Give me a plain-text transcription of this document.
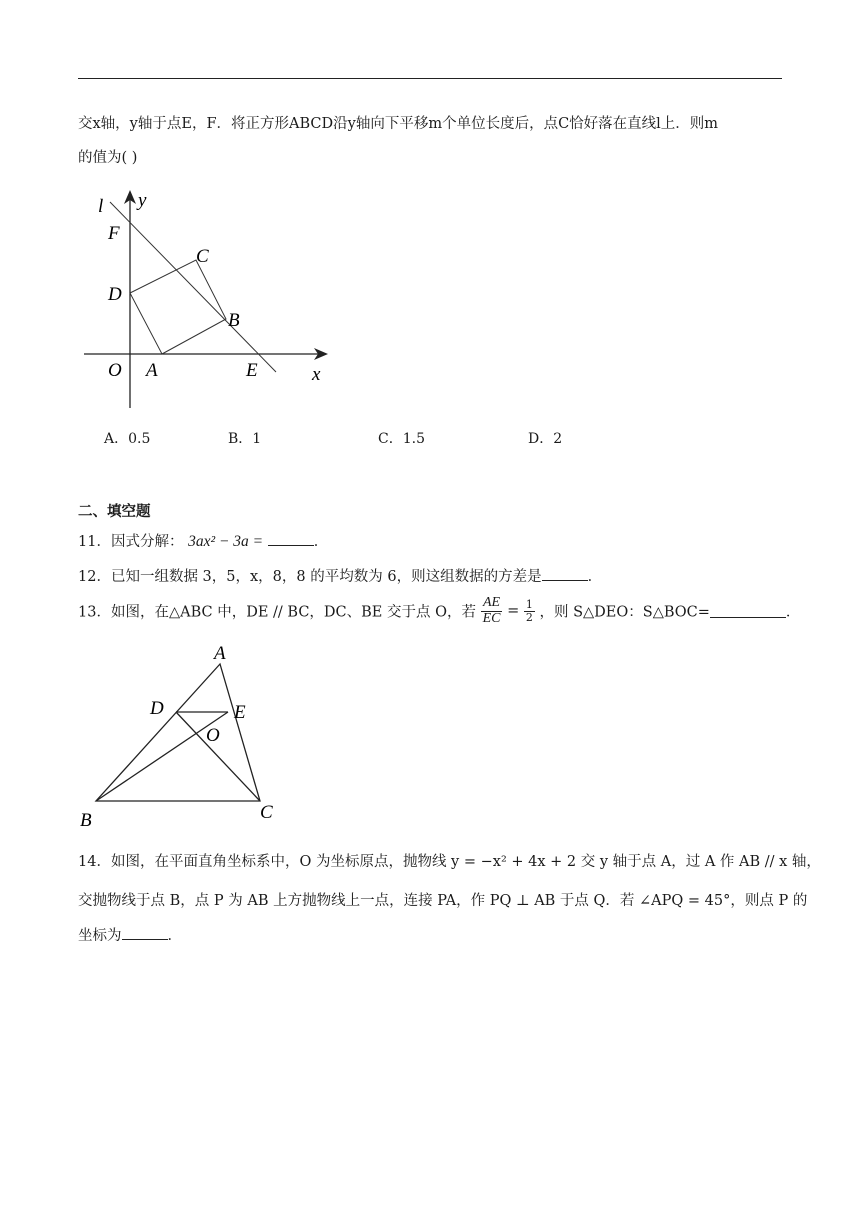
交x轴，y轴于点E，F．将正方形ABCD沿y轴向下平移m个单位长度后，点C恰好落在直线l上．则m
的值为( )
l y
F
C
D
B
O A	E	x
A．0.5	B．1	C．1.5	D．2
二、填空题
11．因式分解： 3ax² − 3a =	．
12．已知一组数据 3，5，x，8，8 的平均数为 6，则这组数据的方差是	．
13．如图，在△ABC 中，DE // BC，DC、BE 交于点 O，若 $\frac{AE}{EC} = \frac{1}{2}$ ，则 S△DEO：S△BOC=	．
A
D	E
O
B	C
14．如图，在平面直角坐标系中，O 为坐标原点，抛物线 y = −x² + 4x + 2 交 y 轴于点 A，过 A 作 AB // x 轴，
交抛物线于点 B，点 P 为 AB 上方抛物线上一点，连接 PA，作 PQ ⊥ AB 于点 Q．若 ∠APQ = 45°，则点 P 的
坐标为	．
